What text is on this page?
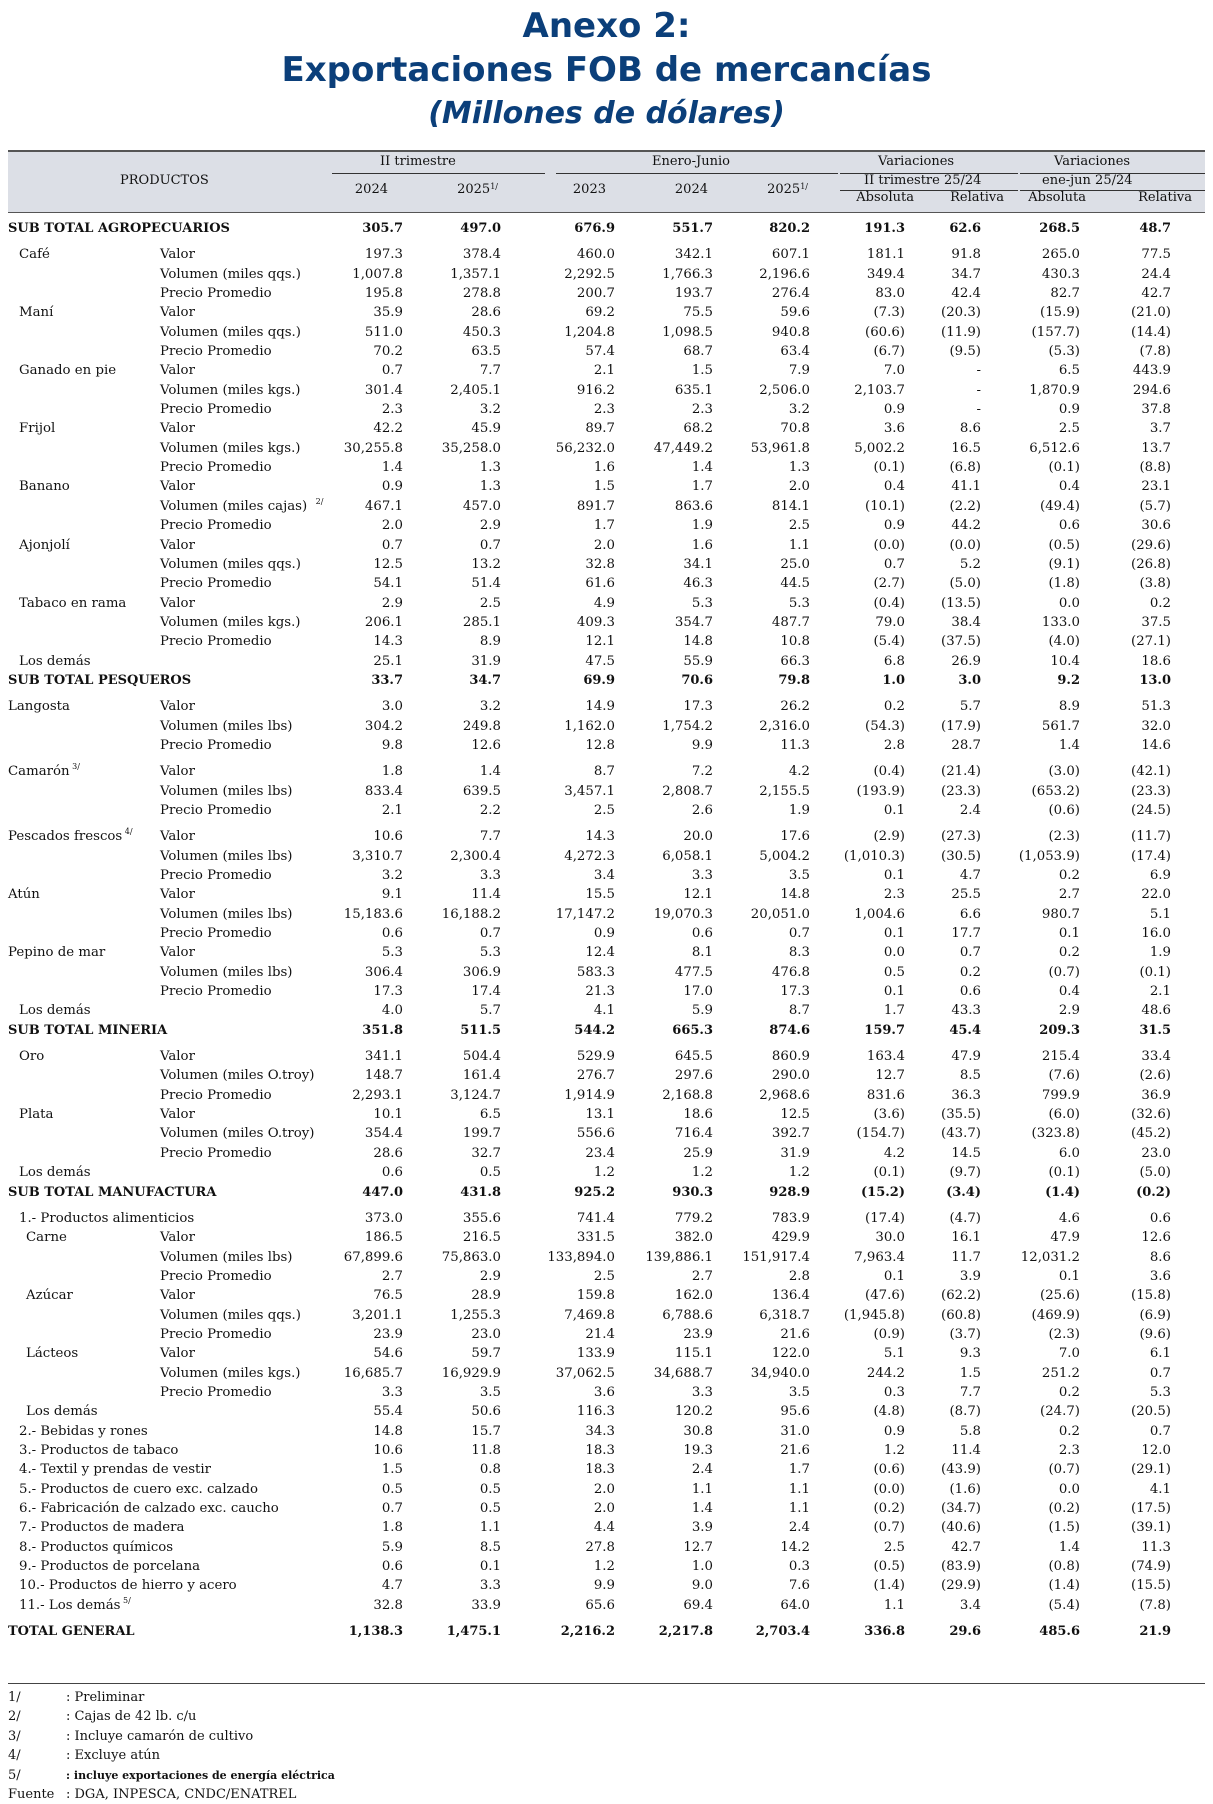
Anexo 2:
Exportaciones FOB de mercancías
(Millones de dólares)
PRODUCTOS
II trimestre	Enero-Junio	Variaciones
II trimestre 25/24
Variaciones
ene-jun 25/24
2024	$2025^{1/}$	2023	2024	$2025^{1/}$
Absoluta	Relativa Absoluta	Relativa
SUB TOTAL AGROPECUARIOS	305.7	497.0	676.9	551.7	820.2	191.3	62.6	268.5	48.7
Café	Valor	197.3	378.4	460.0	342.1	607.1	181.1	91.8	265.0	77.5
Volumen (miles qqs.)	1,007.8	1,357.1	2,292.5	1,766.3	2,196.6	349.4	34.7	430.3	24.4
Precio Promedio	195.8	278.8	200.7	193.7	276.4	83.0	42.4	82.7	42.7
Maní	Valor	35.9	28.6	69.2	75.5	59.6	(7.3)	(20.3)	(15.9)	(21.0)
Volumen (miles qqs.)	511.0	450.3	1,204.8	1,098.5	940.8	(60.6)	(11.9)	(157.7)	(14.4)
Precio Promedio	70.2	63.5	57.4	68.7	63.4	(6.7)	(9.5)	(5.3)	(7.8)
Ganado en pie	Valor	0.7	7.7	2.1	1.5	7.9	7.0	-	6.5	443.9
Volumen (miles kgs.)	301.4	2,405.1	916.2	635.1	2,506.0	2,103.7	-	1,870.9	294.6
Precio Promedio	2.3	3.2	2.3	2.3	3.2	0.9	-	0.9	37.8
Frijol	Valor	42.2	45.9	89.7	68.2	70.8	3.6	8.6	2.5	3.7
Volumen (miles kgs.)	30,255.8	35,258.0	56,232.0	47,449.2	53,961.8	5,002.2	16.5	6,512.6	13.7
Precio Promedio	1.4	1.3	1.6	1.4	1.3	(0.1)	(6.8)	(0.1)	(8.8)
Banano	Valor	0.9	1.3	1.5	1.7	2.0	0.4	41.1	0.4	23.1
Volumen (miles cajas) $^{2/}$	467.1	457.0	891.7	863.6	814.1	(10.1)	(2.2)	(49.4)	(5.7)
Precio Promedio	2.0	2.9	1.7	1.9	2.5	0.9	44.2	0.6	30.6
Ajonjolí	Valor	0.7	0.7	2.0	1.6	1.1	(0.0)	(0.0)	(0.5)	(29.6)
Volumen (miles qqs.)	12.5	13.2	32.8	34.1	25.0	0.7	5.2	(9.1)	(26.8)
Precio Promedio	54.1	51.4	61.6	46.3	44.5	(2.7)	(5.0)	(1.8)	(3.8)
Tabaco en rama	Valor	2.9	2.5	4.9	5.3	5.3	(0.4)	(13.5)	0.0	0.2
Volumen (miles kgs.)	206.1	285.1	409.3	354.7	487.7	79.0	38.4	133.0	37.5
Precio Promedio	14.3	8.9	12.1	14.8	10.8	(5.4)	(37.5)	(4.0)	(27.1)
Los demás	25.1	31.9	47.5	55.9	66.3	6.8	26.9	10.4	18.6
SUB TOTAL PESQUEROS	33.7	34.7	69.9	70.6	79.8	1.0	3.0	9.2	13.0
Langosta	Valor	3.0	3.2	14.9	17.3	26.2	0.2	5.7	8.9	51.3
Volumen (miles lbs)	304.2	249.8	1,162.0	1,754.2	2,316.0	(54.3)	(17.9)	561.7	32.0
Precio Promedio	9.8	12.6	12.8	9.9	11.3	2.8	28.7	1.4	14.6
Camarón $^{3/}$	Valor	1.8	1.4	8.7	7.2	4.2	(0.4)	(21.4)	(3.0)	(42.1)
Volumen (miles lbs)	833.4	639.5	3,457.1	2,808.7	2,155.5	(193.9)	(23.3)	(653.2)	(23.3)
Precio Promedio	2.1	2.2	2.5	2.6	1.9	0.1	2.4	(0.6)	(24.5)
Pescados frescos $^{4/}$ Valor	10.6	7.7	14.3	20.0	17.6	(2.9)	(27.3)	(2.3)	(11.7)
Volumen (miles lbs)	3,310.7	2,300.4	4,272.3	6,058.1	5,004.2	(1,010.3)	(30.5)	(1,053.9)	(17.4)
Precio Promedio	3.2	3.3	3.4	3.3	3.5	0.1	4.7	0.2	6.9
Atún	Valor	9.1	11.4	15.5	12.1	14.8	2.3	25.5	2.7	22.0
Volumen (miles lbs)	15,183.6	16,188.2	17,147.2	19,070.3	20,051.0	1,004.6	6.6	980.7	5.1
Precio Promedio	0.6	0.7	0.9	0.6	0.7	0.1	17.7	0.1	16.0
Pepino de mar	Valor	5.3	5.3	12.4	8.1	8.3	0.0	0.7	0.2	1.9
Volumen (miles lbs)	306.4	306.9	583.3	477.5	476.8	0.5	0.2	(0.7)	(0.1)
Precio Promedio	17.3	17.4	21.3	17.0	17.3	0.1	0.6	0.4	2.1
Los demás	4.0	5.7	4.1	5.9	8.7	1.7	43.3	2.9	48.6
SUB TOTAL MINERIA	351.8	511.5	544.2	665.3	874.6	159.7	45.4	209.3	31.5
Oro	Valor	341.1	504.4	529.9	645.5	860.9	163.4	47.9	215.4	33.4
Volumen (miles O.troy)	148.7	161.4	276.7	297.6	290.0	12.7	8.5	(7.6)	(2.6)
Precio Promedio	2,293.1	3,124.7	1,914.9	2,168.8	2,968.6	831.6	36.3	799.9	36.9
Plata	Valor	10.1	6.5	13.1	18.6	12.5	(3.6)	(35.5)	(6.0)	(32.6)
Volumen (miles O.troy)	354.4	199.7	556.6	716.4	392.7	(154.7)	(43.7)	(323.8)	(45.2)
Precio Promedio	28.6	32.7	23.4	25.9	31.9	4.2	14.5	6.0	23.0
Los demás	0.6	0.5	1.2	1.2	1.2	(0.1)	(9.7)	(0.1)	(5.0)
SUB TOTAL MANUFACTURA	447.0	431.8	925.2	930.3	928.9	(15.2)	(3.4)	(1.4)	(0.2)
1.- Productos alimenticios	373.0	355.6	741.4	779.2	783.9	(17.4)	(4.7)	4.6	0.6
Carne	Valor	186.5	216.5	331.5	382.0	429.9	30.0	16.1	47.9	12.6
Volumen (miles lbs)	67,899.6	75,863.0	133,894.0 139,886.1 151,917.4	7,963.4	11.7	12,031.2	8.6
Precio Promedio	2.7	2.9	2.5	2.7	2.8	0.1	3.9	0.1	3.6
Azúcar	Valor	76.5	28.9	159.8	162.0	136.4	(47.6)	(62.2)	(25.6)	(15.8)
Volumen (miles qqs.)	3,201.1	1,255.3	7,469.8	6,788.6	6,318.7	(1,945.8)	(60.8)	(469.9)	(6.9)
Precio Promedio	23.9	23.0	21.4	23.9	21.6	(0.9)	(3.7)	(2.3)	(9.6)
Lácteos	Valor	54.6	59.7	133.9	115.1	122.0	5.1	9.3	7.0	6.1
Volumen (miles kgs.)	16,685.7	16,929.9	37,062.5	34,688.7	34,940.0	244.2	1.5	251.2	0.7
Precio Promedio	3.3	3.5	3.6	3.3	3.5	0.3	7.7	0.2	5.3
Los demás	55.4	50.6	116.3	120.2	95.6	(4.8)	(8.7)	(24.7)	(20.5)
2.- Bebidas y rones	14.8	15.7	34.3	30.8	31.0	0.9	5.8	0.2	0.7
3.- Productos de tabaco	10.6	11.8	18.3	19.3	21.6	1.2	11.4	2.3	12.0
4.- Textil y prendas de vestir	1.5	0.8	18.3	2.4	1.7	(0.6)	(43.9)	(0.7)	(29.1)
5.- Productos de cuero exc. calzado	0.5	0.5	2.0	1.1	1.1	(0.0)	(1.6)	0.0	4.1
6.- Fabricación de calzado exc. caucho	0.7	0.5	2.0	1.4	1.1	(0.2)	(34.7)	(0.2)	(17.5)
7.- Productos de madera	1.8	1.1	4.4	3.9	2.4	(0.7)	(40.6)	(1.5)	(39.1)
8.- Productos químicos	5.9	8.5	27.8	12.7	14.2	2.5	42.7	1.4	11.3
9.- Productos de porcelana	0.6	0.1	1.2	1.0	0.3	(0.5)	(83.9)	(0.8)	(74.9)
10.- Productos de hierro y acero	4.7	3.3	9.9	9.0	7.6	(1.4)	(29.9)	(1.4)	(15.5)
11.- Los demás $^{5/}$	32.8	33.9	65.6	69.4	64.0	1.1	3.4	(5.4)	(7.8)
TOTAL GENERAL	1,138.3	1,475.1	2,216.2	2,217.8	2,703.4	336.8	29.6	485.6	21.9
1/	: Preliminar
2/	: Cajas de 42 lb. c/u
3/	: Incluye camarón de cultivo
4/	: Excluye atún
5/	: incluye exportaciones de energía eléctrica
Fuente : DGA, INPESCA, CNDC/ENATREL
